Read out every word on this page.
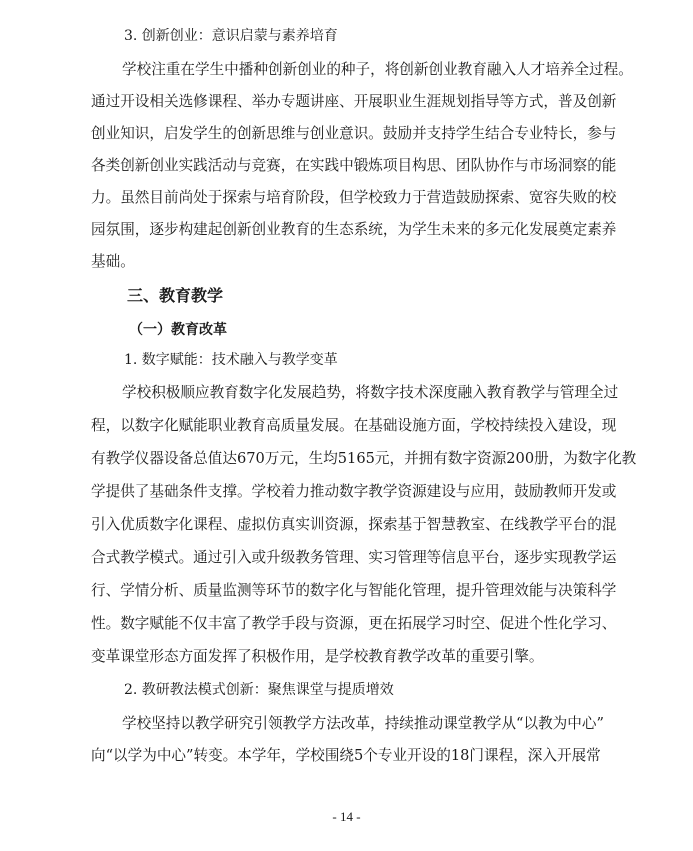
3. 创新创业：意识启蒙与素养培育
学校注重在学生中播种创新创业的种子，将创新创业教育融入人才培养全过程。
通过开设相关选修课程、举办专题讲座、开展职业生涯规划指导等方式，普及创新
创业知识，启发学生的创新思维与创业意识。鼓励并支持学生结合专业特长，参与
各类创新创业实践活动与竞赛，在实践中锻炼项目构思、团队协作与市场洞察的能
力。虽然目前尚处于探索与培育阶段，但学校致力于营造鼓励探索、宽容失败的校
园氛围，逐步构建起创新创业教育的生态系统，为学生未来的多元化发展奠定素养
基础。
三、教育教学
（一）教育改革
1. 数字赋能：技术融入与教学变革
学校积极顺应教育数字化发展趋势，将数字技术深度融入教育教学与管理全过
程，以数字化赋能职业教育高质量发展。在基础设施方面，学校持续投入建设，现
有教学仪器设备总值达670万元，生均5165元，并拥有数字资源200册，为数字化教
学提供了基础条件支撑。学校着力推动数字教学资源建设与应用，鼓励教师开发或
引入优质数字化课程、虚拟仿真实训资源，探索基于智慧教室、在线教学平台的混
合式教学模式。通过引入或升级教务管理、实习管理等信息平台，逐步实现教学运
行、学情分析、质量监测等环节的数字化与智能化管理，提升管理效能与决策科学
性。数字赋能不仅丰富了教学手段与资源，更在拓展学习时空、促进个性化学习、
变革课堂形态方面发挥了积极作用，是学校教育教学改革的重要引擎。
2. 教研教法模式创新：聚焦课堂与提质增效
学校坚持以教学研究引领教学方法改革，持续推动课堂教学从“以教为中心”
向“以学为中心”转变。本学年，学校围绕5个专业开设的18门课程，深入开展常
- 14 -
